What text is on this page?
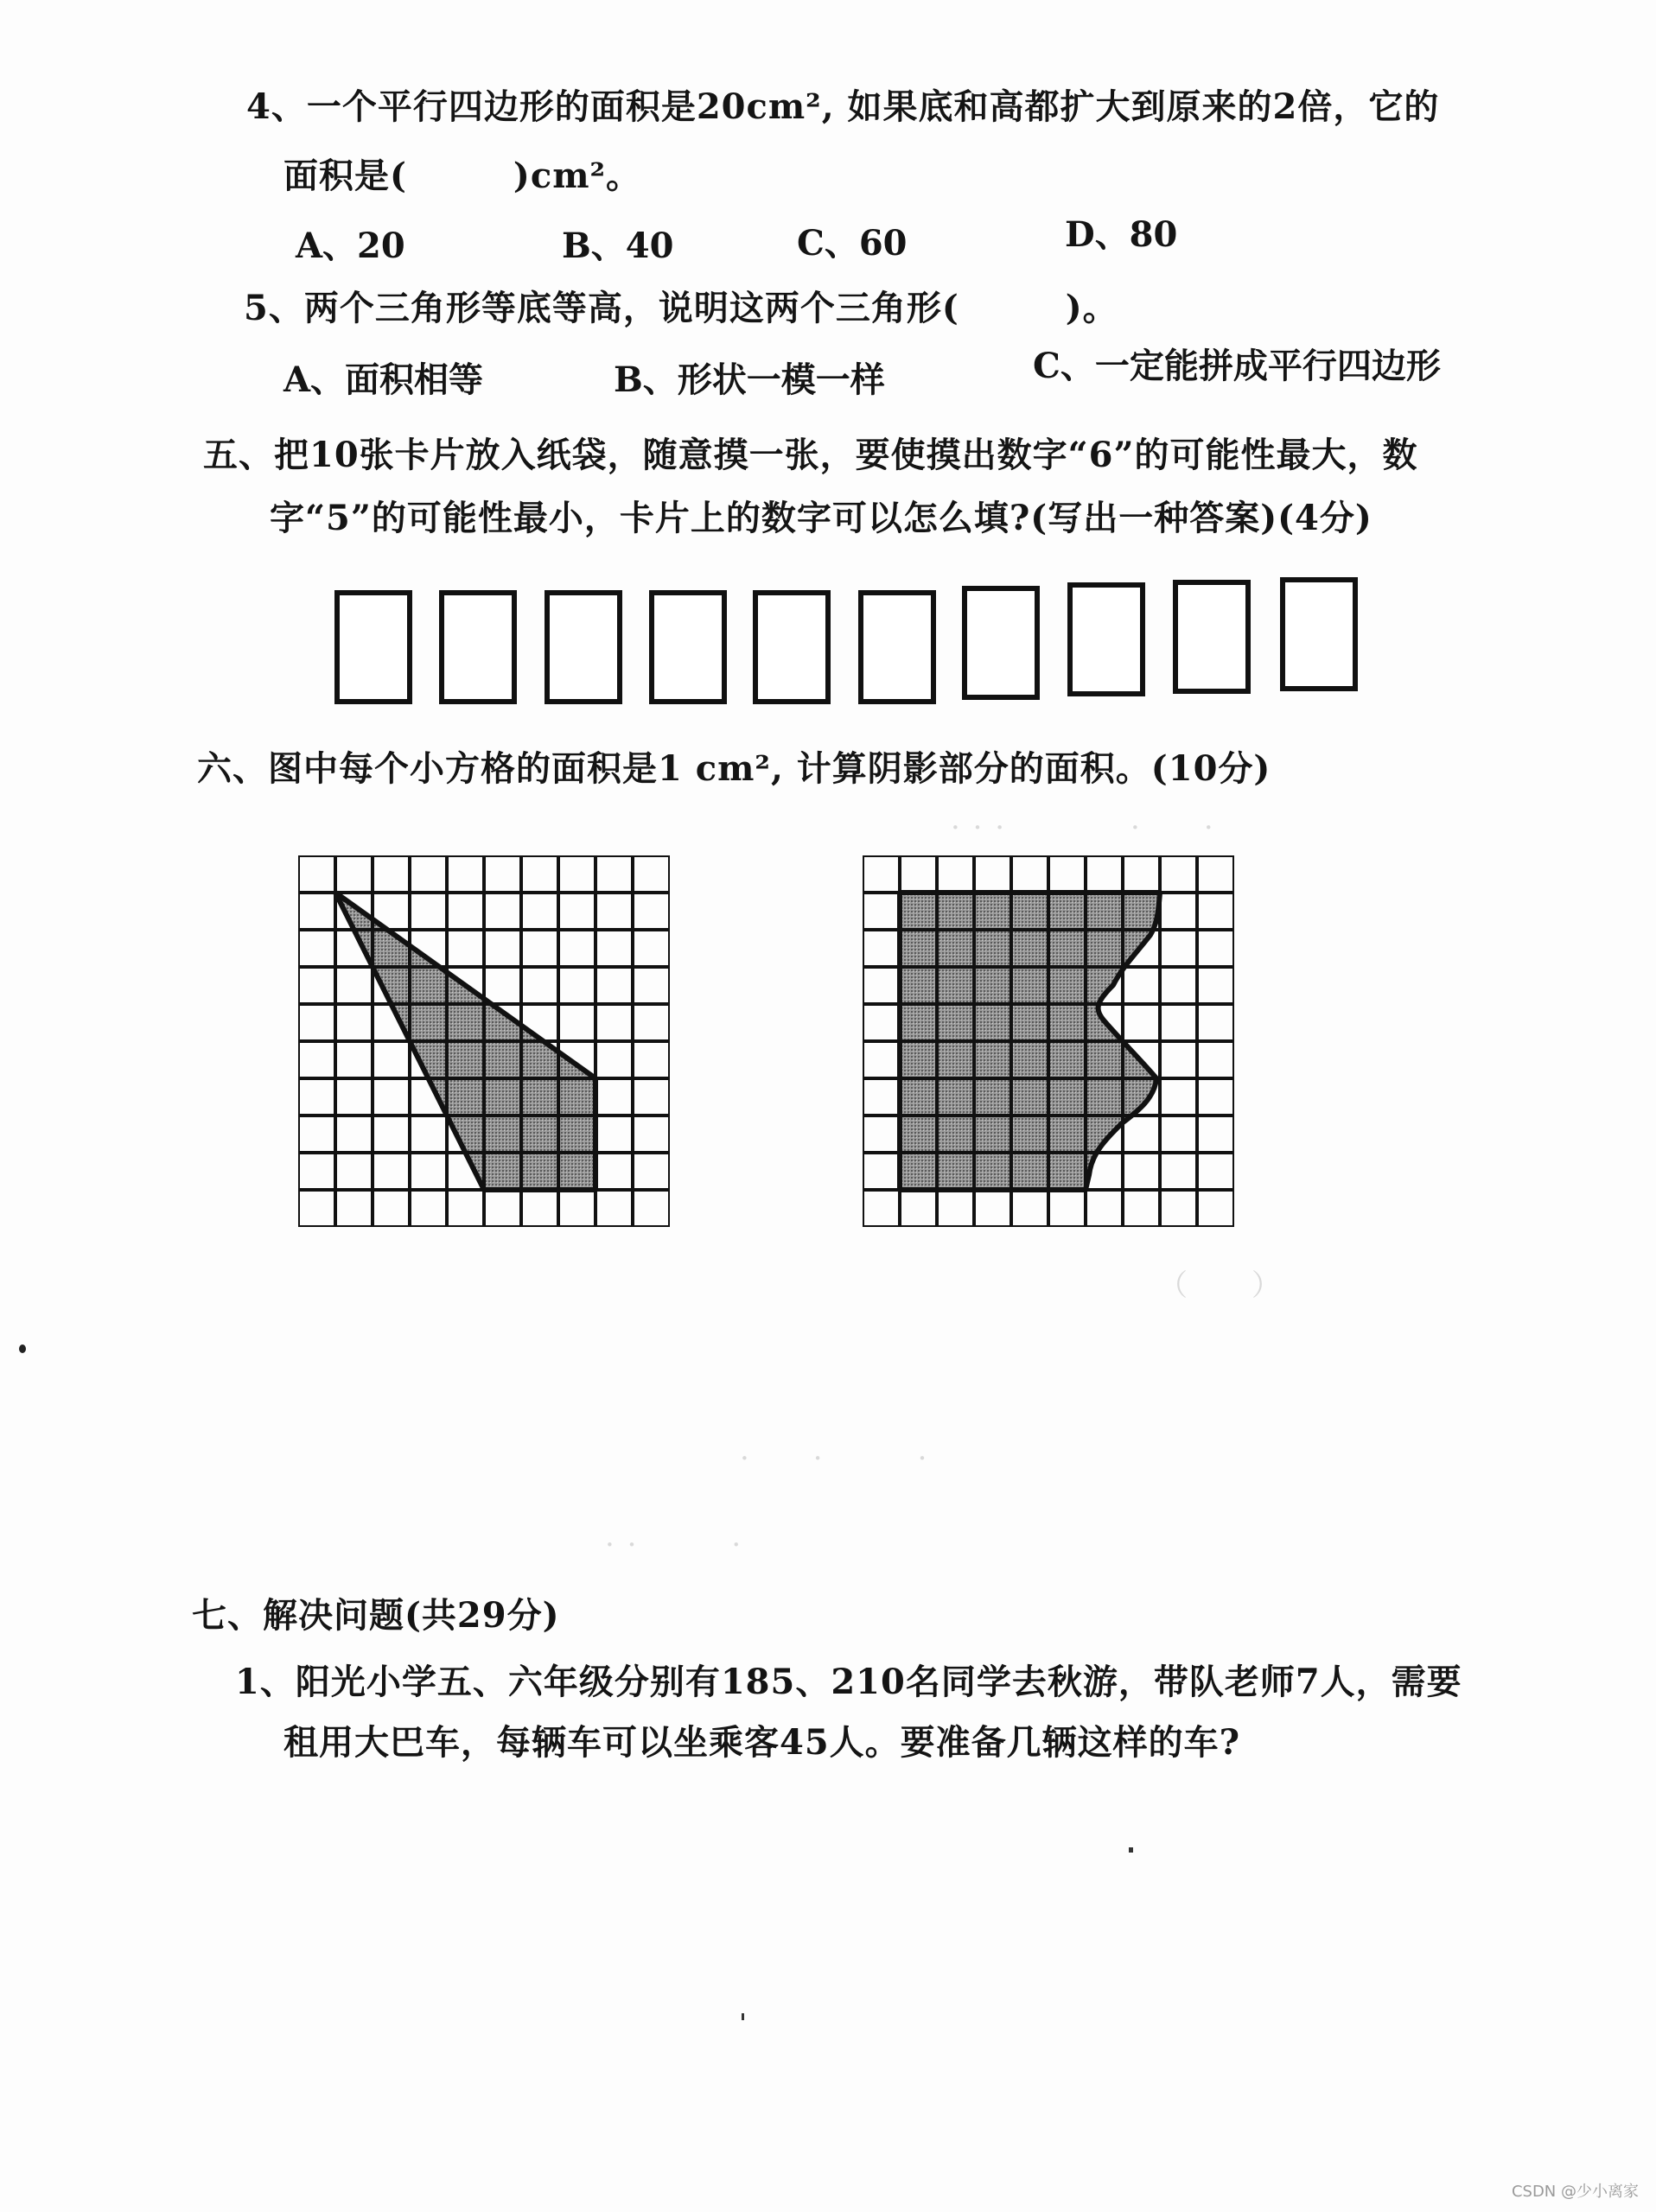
· · ·　　　　·　　·
（　　）
　·　　·　　　·
· ·　　　·
4、一个平行四边形的面积是20cm², 如果底和高都扩大到原来的2倍，它的
面积是(　　　)cm²。
A、20	B、40	C、60	D、80
5、两个三角形等底等高，说明这两个三角形(　　　)。
A、面积相等	B、形状一模一样	C、一定能拼成平行四边形
五、把10张卡片放入纸袋，随意摸一张，要使摸出数字“6”的可能性最大，数
字“5”的可能性最小，卡片上的数字可以怎么填?(写出一种答案)(4分)
六、图中每个小方格的面积是1 cm², 计算阴影部分的面积。(10分)
七、解决问题(共29分)
1、阳光小学五、六年级分别有185、210名同学去秋游，带队老师7人，需要
租用大巴车，每辆车可以坐乘客45人。要准备几辆这样的车?
CSDN @少小离家
